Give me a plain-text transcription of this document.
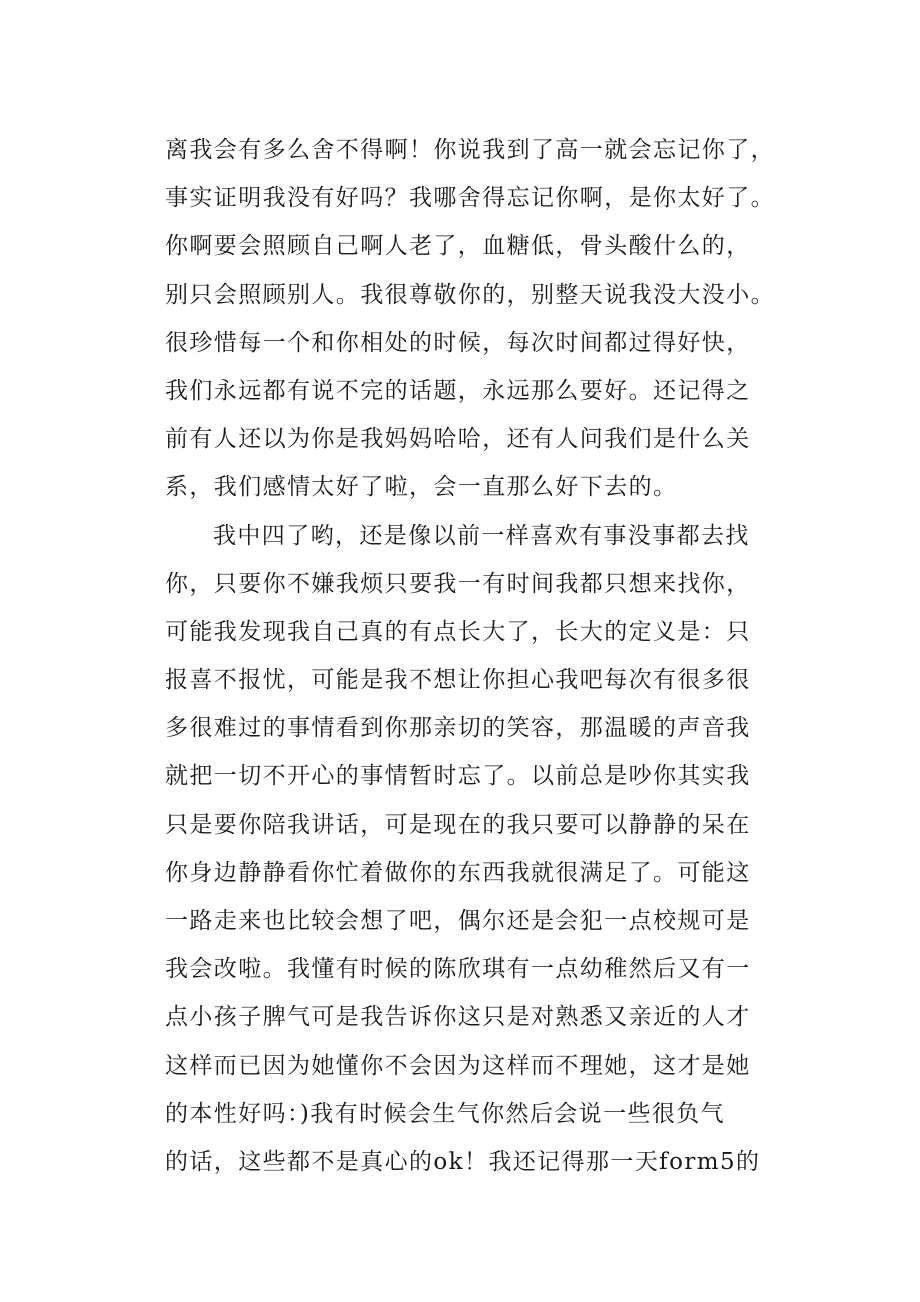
离我会有多么舍不得啊！你说我到了高一就会忘记你了，
事实证明我没有好吗？我哪舍得忘记你啊，是你太好了。
你啊要会照顾自己啊人老了，血糖低，骨头酸什么的，
别只会照顾别人。我很尊敬你的，别整天说我没大没小。
很珍惜每一个和你相处的时候，每次时间都过得好快，
我们永远都有说不完的话题，永远那么要好。还记得之
前有人还以为你是我妈妈哈哈，还有人问我们是什么关
系，我们感情太好了啦，会一直那么好下去的。
我中四了哟，还是像以前一样喜欢有事没事都去找
你，只要你不嫌我烦只要我一有时间我都只想来找你，
可能我发现我自己真的有点长大了，长大的定义是：只
报喜不报忧，可能是我不想让你担心我吧每次有很多很
多很难过的事情看到你那亲切的笑容，那温暖的声音我
就把一切不开心的事情暂时忘了。以前总是吵你其实我
只是要你陪我讲话，可是现在的我只要可以静静的呆在
你身边静静看你忙着做你的东西我就很满足了。可能这
一路走来也比较会想了吧，偶尔还是会犯一点校规可是
我会改啦。我懂有时候的陈欣琪有一点幼稚然后又有一
点小孩子脾气可是我告诉你这只是对熟悉又亲近的人才
这样而已因为她懂你不会因为这样而不理她，这才是她
的本性好吗：)我有时候会生气你然后会说一些很负气
的话，这些都不是真心的ok！我还记得那一天form5的
